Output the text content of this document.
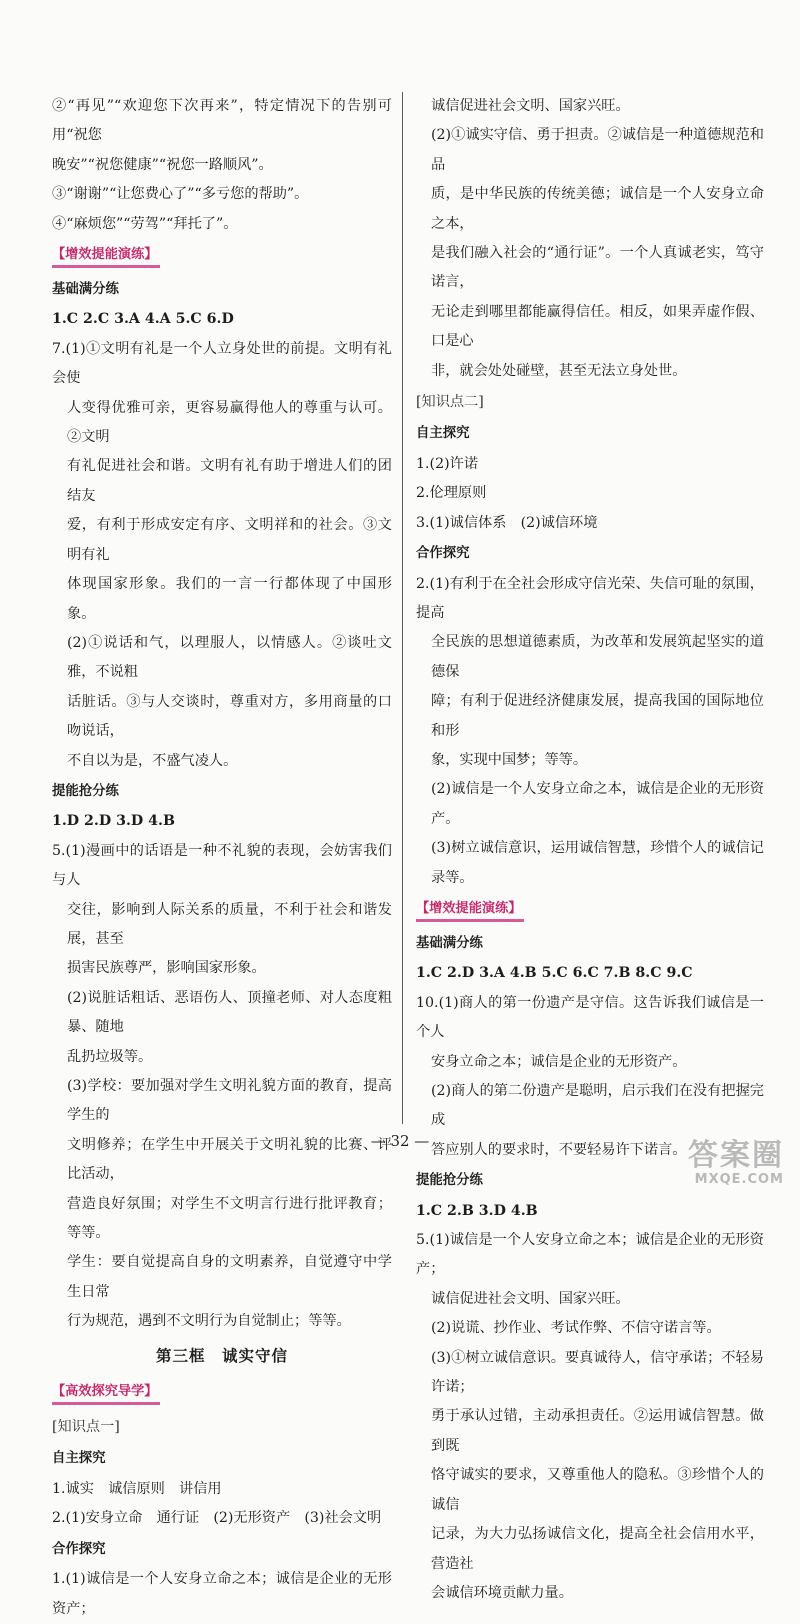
②“再见”“欢迎您下次再来”，特定情况下的告别可用“祝您

晚安”“祝您健康”“祝您一路顺风”。

③“谢谢”“让您费心了”“多亏您的帮助”。

④“麻烦您”“劳驾”“拜托了”。

【增效提能演练】

基础满分练

1.C 2.C 3.A 4.A 5.C 6.D

7.(1)①文明有礼是一个人立身处世的前提。文明有礼会使

人变得优雅可亲，更容易赢得他人的尊重与认可。②文明

有礼促进社会和谐。文明有礼有助于增进人们的团结友

爱，有利于形成安定有序、文明祥和的社会。③文明有礼

体现国家形象。我们的一言一行都体现了中国形象。

(2)①说话和气，以理服人，以情感人。②谈吐文雅，不说粗

话脏话。③与人交谈时，尊重对方，多用商量的口吻说话，

不自以为是，不盛气凌人。

提能抢分练

1.D 2.D 3.D 4.B

5.(1)漫画中的话语是一种不礼貌的表现，会妨害我们与人

交往，影响到人际关系的质量，不利于社会和谐发展，甚至

损害民族尊严，影响国家形象。

(2)说脏话粗话、恶语伤人、顶撞老师、对人态度粗暴、随地

乱扔垃圾等。

(3)学校：要加强对学生文明礼貌方面的教育，提高学生的

文明修养；在学生中开展关于文明礼貌的比赛、评比活动，

营造良好氛围；对学生不文明言行进行批评教育；等等。

学生：要自觉提高自身的文明素养，自觉遵守中学生日常

行为规范，遇到不文明行为自觉制止；等等。

第三框　诚实守信

【高效探究导学】

[知识点一]

自主探究

1.诚实　诚信原则　讲信用

2.(1)安身立命　通行证　(2)无形资产　(3)社会文明

合作探究

1.(1)诚信是一个人安身立命之本；诚信是企业的无形资产；

诚信促进社会文明、国家兴旺。

(2)①诚实守信、勇于担责。②诚信是一种道德规范和品

质，是中华民族的传统美德；诚信是一个人安身立命之本，

是我们融入社会的“通行证”。一个人真诚老实，笃守诺言，

无论走到哪里都能赢得信任。相反，如果弄虚作假、口是心

非，就会处处碰壁，甚至无法立身处世。

[知识点二]

自主探究

1.(2)许诺

2.伦理原则

3.(1)诚信体系　(2)诚信环境

合作探究

2.(1)有利于在全社会形成守信光荣、失信可耻的氛围，提高

全民族的思想道德素质，为改革和发展筑起坚实的道德保

障；有利于促进经济健康发展，提高我国的国际地位和形

象，实现中国梦；等等。

(2)诚信是一个人安身立命之本，诚信是企业的无形资产。

(3)树立诚信意识，运用诚信智慧，珍惜个人的诚信记录等。

【增效提能演练】

基础满分练

1.C 2.D 3.A 4.B 5.C 6.C 7.B 8.C 9.C

10.(1)商人的第一份遗产是守信。这告诉我们诚信是一个人

安身立命之本；诚信是企业的无形资产。

(2)商人的第二份遗产是聪明，启示我们在没有把握完成

答应别人的要求时，不要轻易许下诺言。

提能抢分练

1.C 2.B 3.D 4.B

5.(1)诚信是一个人安身立命之本；诚信是企业的无形资产；

诚信促进社会文明、国家兴旺。

(2)说谎、抄作业、考试作弊、不信守诺言等。

(3)①树立诚信意识。要真诚待人，信守承诺；不轻易许诺；

勇于承认过错，主动承担责任。②运用诚信智慧。做到既

恪守诚实的要求，又尊重他人的隐私。③珍惜个人的诚信

记录，为大力弘扬诚信文化，提高全社会信用水平，营造社

会诚信环境贡献力量。

— 32 —	答案圈
MXQE.COM
